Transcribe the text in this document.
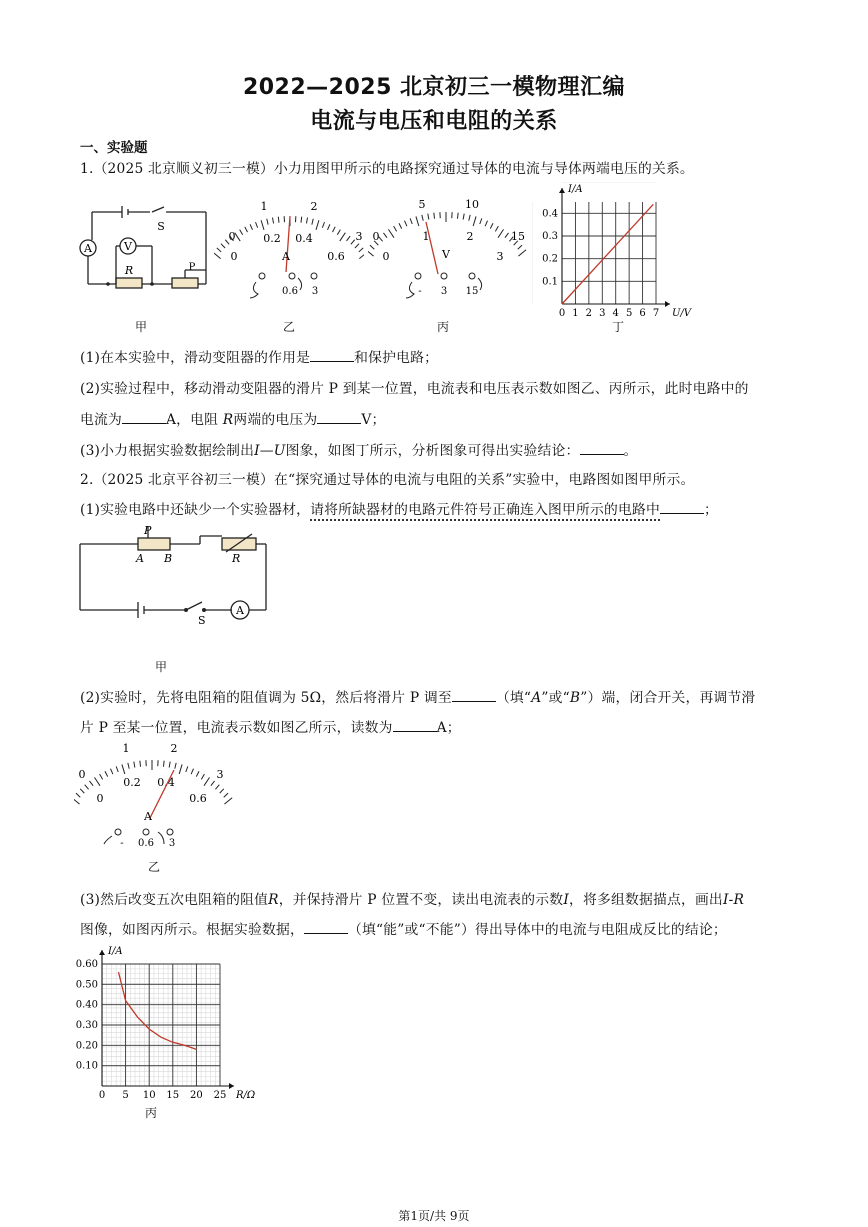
2022—2025 北京初三一模物理汇编
电流与电压和电阻的关系
一、实验题
1.（2025 北京顺义初三一模）小力用图甲所示的电路探究通过导体的电流与导体两端电压的关系。
A	V
S
R	P
0
1	2
3
0
0.2 0.4
0.6
A
0.6 3
0
5	10
15
0
1	2
3
V
- 3 15
0 1 2 3 4 5 6 7
0.1
0.2
0.3
0.4
U/V
I/A
甲	乙	丙	丁
(1)在本实验中，滑动变阻器的作用是	和保护电路；
(2)实验过程中，移动滑动变阻器的滑片 P 到某一位置，电流表和电压表示数如图乙、丙所示，此时电路中的
电流为	A，电阻 R两端的电压为	V；
(3)小力根据实验数据绘制出I—U图象，如图丁所示，分析图象可得出实验结论：	。
2.（2025 北京平谷初三一模）在“探究通过导体的电流与电阻的关系”实验中，电路图如图甲所示。
(1)实验电路中还缺少一个实验器材，请将所缺器材的电路元件符号正确连入图甲所示的电路中	；
P
A B	R
S
A
甲
(2)实验时，先将电阻箱的阻值调为 5Ω，然后将滑片 P 调至	（填“A”或“B”）端，闭合开关，再调节滑
片 P 至某一位置，电流表示数如图乙所示，读数为	A；
0
1	2
3
0
0.2 0.4
0.6
A
- 0.6 3
乙
(3)然后改变五次电阻箱的阻值R，并保持滑片 P 位置不变，读出电流表的示数I，将多组数据描点，画出I-R
图像，如图丙所示。根据实验数据，	（填“能”或“不能”）得出导体中的电流与电阻成反比的结论；
0 5 10 15 20 25
0.10
0.20
0.30
0.40
0.50
0.60
R/Ω
I/A
丙
第1页/共 9页
